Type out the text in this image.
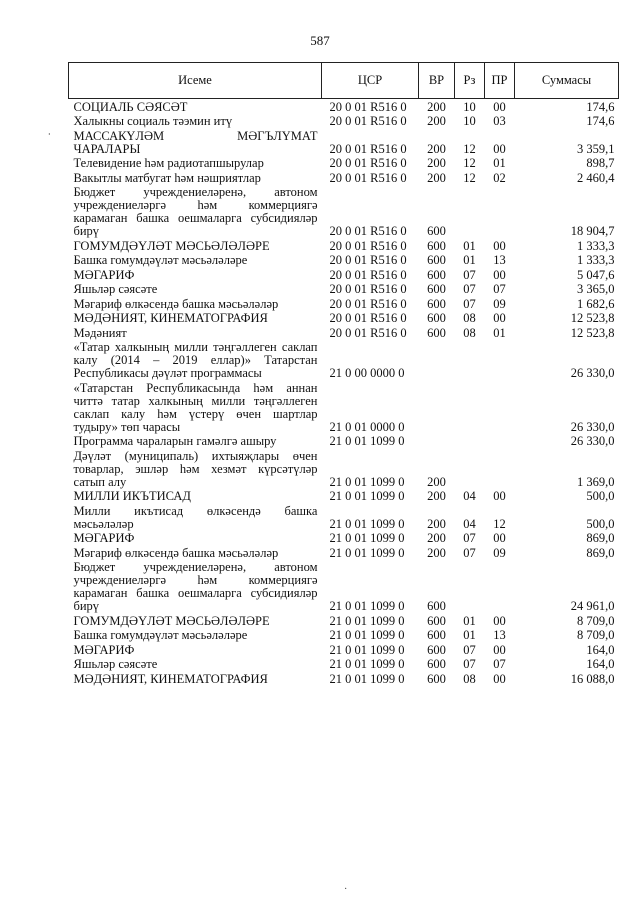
587
Исеме	ЦСР	ВР	Рз	ПР	Суммасы
СОЦИАЛЬ СӘЯСӘТ	20 0 01 R516 0	200	10	00	174,6
Халыкны социаль тәэмин итү	20 0 01 R516 0	200	10	03	174,6
МАССАКҮЛӘМ МӘГЪЛҮМАТ ЧАРАЛАРЫ	20 0 01 R516 0	200	12	00	3 359,1
Телевидение һәм радиотапшырулар	20 0 01 R516 0	200	12	01	898,7
Вакытлы матбугат һәм нәшриятлар	20 0 01 R516 0	200	12	02	2 460,4
Бюджет учреждениеләренә, автоном учреждениеләргә һәм коммерциягә карамаган башка оешмаларга субсидияләр бирү	20 0 01 R516 0	600			18 904,7
ГОМУМДӘҮЛӘТ МӘСЬӘЛӘЛӘРЕ	20 0 01 R516 0	600	01	00	1 333,3
Башка гомумдәүләт мәсьәләләре	20 0 01 R516 0	600	01	13	1 333,3
МӘГАРИФ	20 0 01 R516 0	600	07	00	5 047,6
Яшьләр сәясәте	20 0 01 R516 0	600	07	07	3 365,0
Мәгариф өлкәсендә башка мәсьәләләр	20 0 01 R516 0	600	07	09	1 682,6
МӘДӘНИЯТ, КИНЕМАТОГРАФИЯ	20 0 01 R516 0	600	08	00	12 523,8
Мәдәният	20 0 01 R516 0	600	08	01	12 523,8
«Татар халкының милли тәңгәллеген саклап калу (2014 – 2019 еллар)» Татарстан Республикасы дәүләт программасы	21 0 00 0000 0				26 330,0
«Татарстан Республикасында һәм аннан читтә татар халкының милли тәңгәллеген саклап калу һәм үстерү өчен шартлар тудыру» төп чарасы	21 0 01 0000 0				26 330,0
Программа чараларын гамәлгә ашыру	21 0 01 1099 0				26 330,0
Дәүләт (муниципаль) ихтыяҗлары өчен товарлар, эшләр һәм хезмәт күрсәтүләр сатып алу	21 0 01 1099 0	200			1 369,0
МИЛЛИ ИКЪТИСАД	21 0 01 1099 0	200	04	00	500,0
Милли икътисад өлкәсендә башка мәсьәләләр	21 0 01 1099 0	200	04	12	500,0
МӘГАРИФ	21 0 01 1099 0	200	07	00	869,0
Мәгариф өлкәсендә башка мәсьәләләр	21 0 01 1099 0	200	07	09	869,0
Бюджет учреждениеләренә, автоном учреждениеләргә һәм коммерциягә карамаган башка оешмаларга субсидияләр бирү	21 0 01 1099 0	600			24 961,0
ГОМУМДӘҮЛӘТ МӘСЬӘЛӘЛӘРЕ	21 0 01 1099 0	600	01	00	8 709,0
Башка гомумдәүләт мәсьәләләре	21 0 01 1099 0	600	01	13	8 709,0
МӘГАРИФ	21 0 01 1099 0	600	07	00	164,0
Яшьләр сәясәте	21 0 01 1099 0	600	07	07	164,0
МӘДӘНИЯТ, КИНЕМАТОГРАФИЯ	21 0 01 1099 0	600	08	00	16 088,0
⸳
·
